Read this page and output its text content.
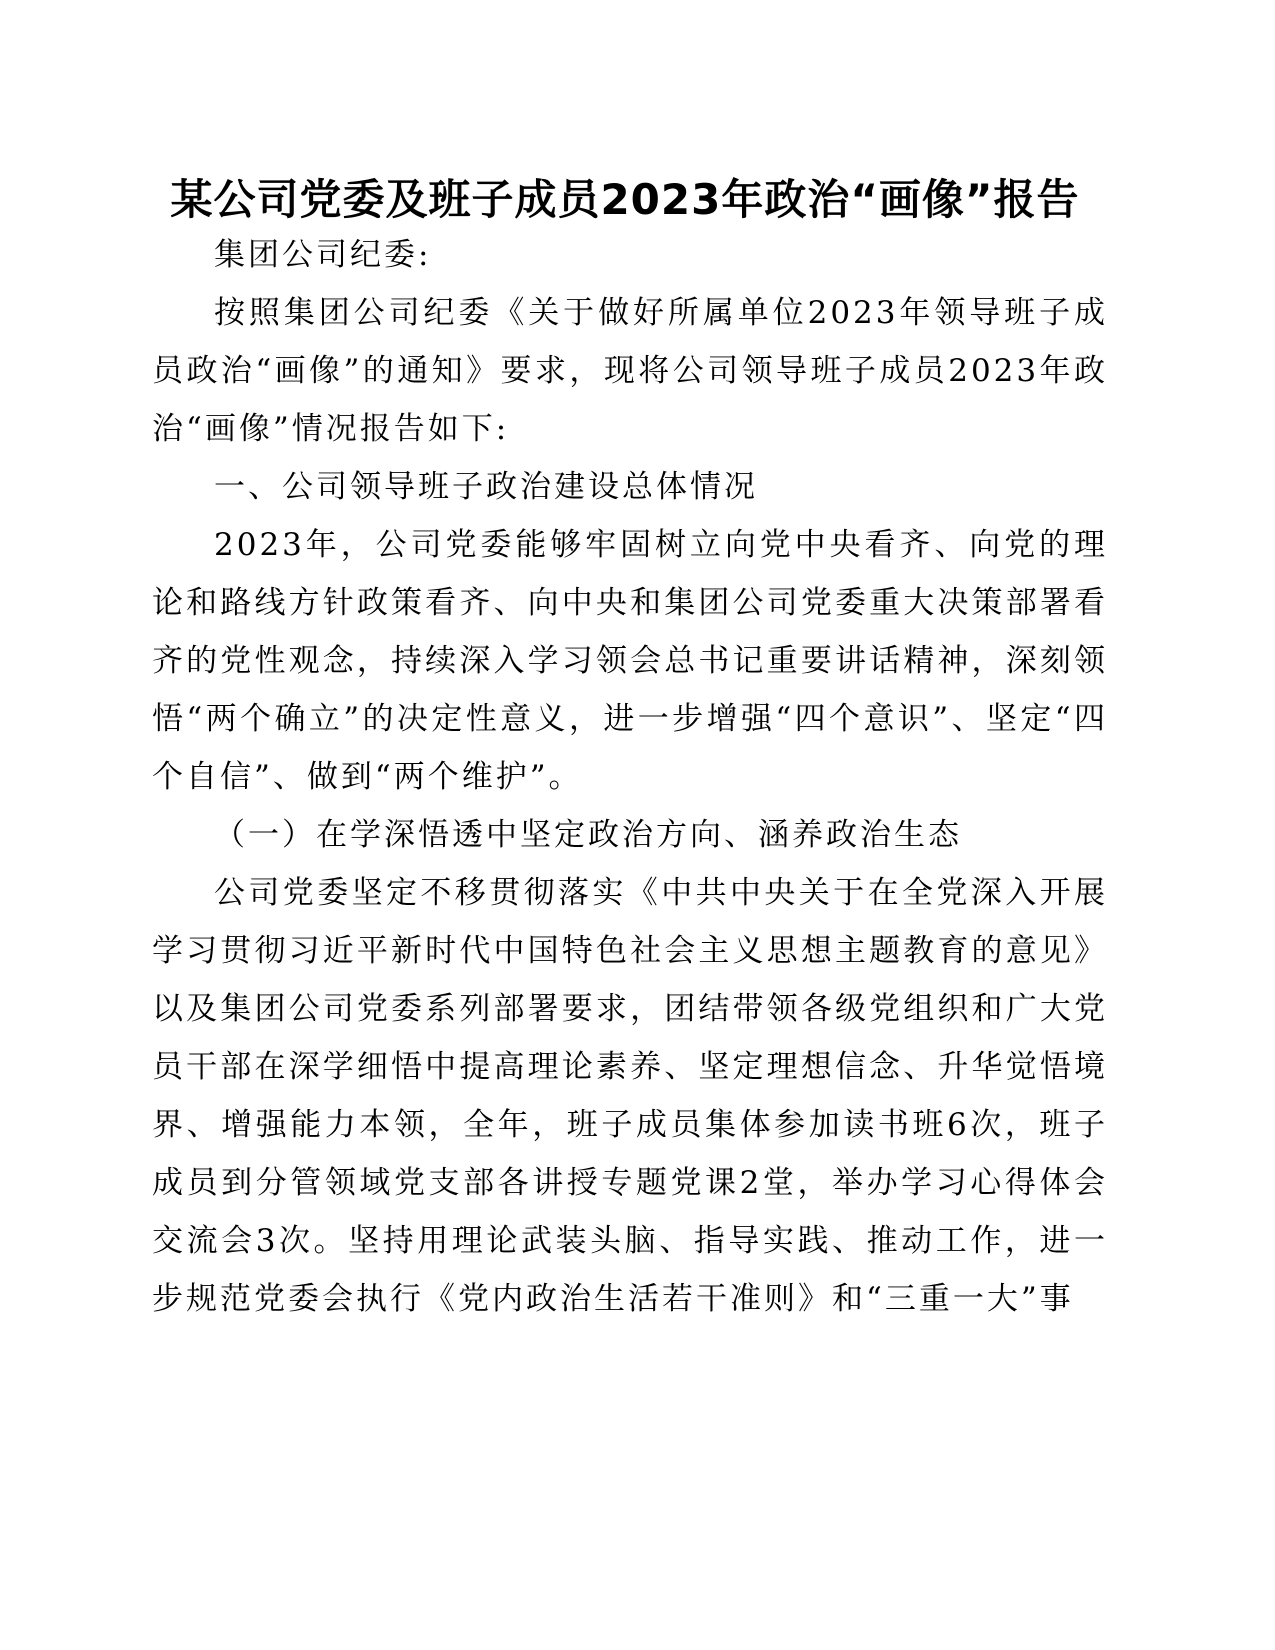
某公司党委及班子成员2023年政治“画像”报告

集团公司纪委:

按照集团公司纪委《关于做好所属单位2023年领导班子成员政治“画像”的通知》要求，现将公司领导班子成员2023年政治“画像”情况报告如下:

一、公司领导班子政治建设总体情况

2023年，公司党委能够牢固树立向党中央看齐、向党的理论和路线方针政策看齐、向中央和集团公司党委重大决策部署看齐的党性观念，持续深入学习领会总书记重要讲话精神，深刻领悟“两个确立”的决定性意义，进一步增强“四个意识”、坚定“四个自信”、做到“两个维护”。

（一）在学深悟透中坚定政治方向、涵养政治生态

公司党委坚定不移贯彻落实《中共中央关于在全党深入开展学习贯彻习近平新时代中国特色社会主义思想主题教育的意见》以及集团公司党委系列部署要求，团结带领各级党组织和广大党员干部在深学细悟中提高理论素养、坚定理想信念、升华觉悟境界、增强能力本领，全年，班子成员集体参加读书班6次，班子成员到分管领域党支部各讲授专题党课2堂，举办学习心得体会交流会3次。坚持用理论武装头脑、指导实践、推动工作，进一步规范党委会执行《党内政治生活若干准则》和“三重一大”事
